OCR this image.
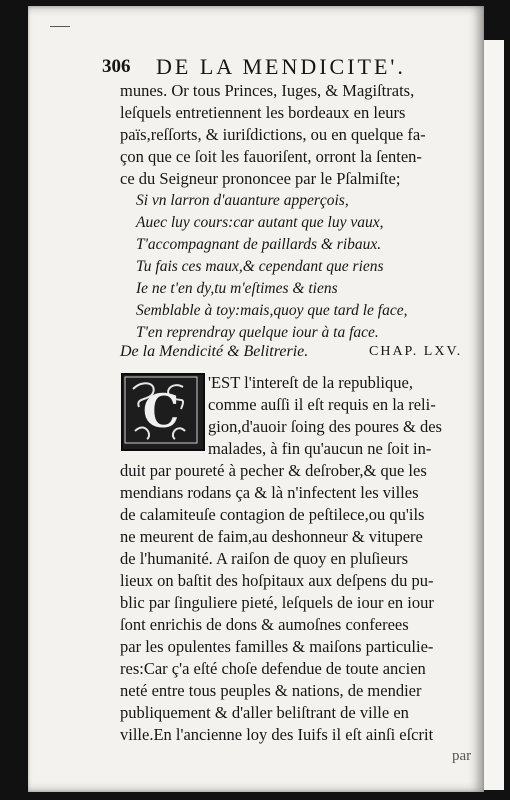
306 DE LA MENDICITE'.
munes. Or tous Princes, Iuges, & Magiſtrats,
leſquels entretiennent les bordeaux en leurs
païs,reſſorts, & iuriſdictions, ou en quelque fa-
çon que ce ſoit les fauoriſent, orront la ſenten-
ce du Seigneur prononcee par le Pſalmiſte;
Si vn larron d'auanture apperçois,
Auec luy cours:car autant que luy vaux,
T'accompagnant de paillards & ribaux.
Tu fais ces maux,& cependant que riens
Ie ne t'en dy,tu m'eſtimes & tiens
Semblable à toy:mais,quoy que tard le face,
T'en reprendray quelque iour à ta face.
De la Mendicité & Belitrerie.	CHAP. LXV.
C
'EST l'intereſt de la republique,
comme auſſi il eſt requis en la reli-
gion,d'auoir ſoing des poures & des
malades, à fin qu'aucun ne ſoit in-
duit par poureté à pecher & deſrober,& que les
mendians rodans ça & là n'infectent les villes
de calamiteuſe contagion de peſtilece,ou qu'ils
ne meurent de faim,au deshonneur & vitupere
de l'humanité. A raiſon de quoy en pluſieurs
lieux on baſtit des hoſpitaux aux deſpens du pu-
blic par ſinguliere pieté, leſquels de iour en iour
ſont enrichis de dons & aumoſnes conferees
par les opulentes familles & maiſons particulie-
res:Car ç'a eſté choſe defendue de toute ancien
neté entre tous peuples & nations, de mendier
publiquement & d'aller beliſtrant de ville en
ville.En l'ancienne loy des Iuifs il eſt ainſi eſcrit
par
